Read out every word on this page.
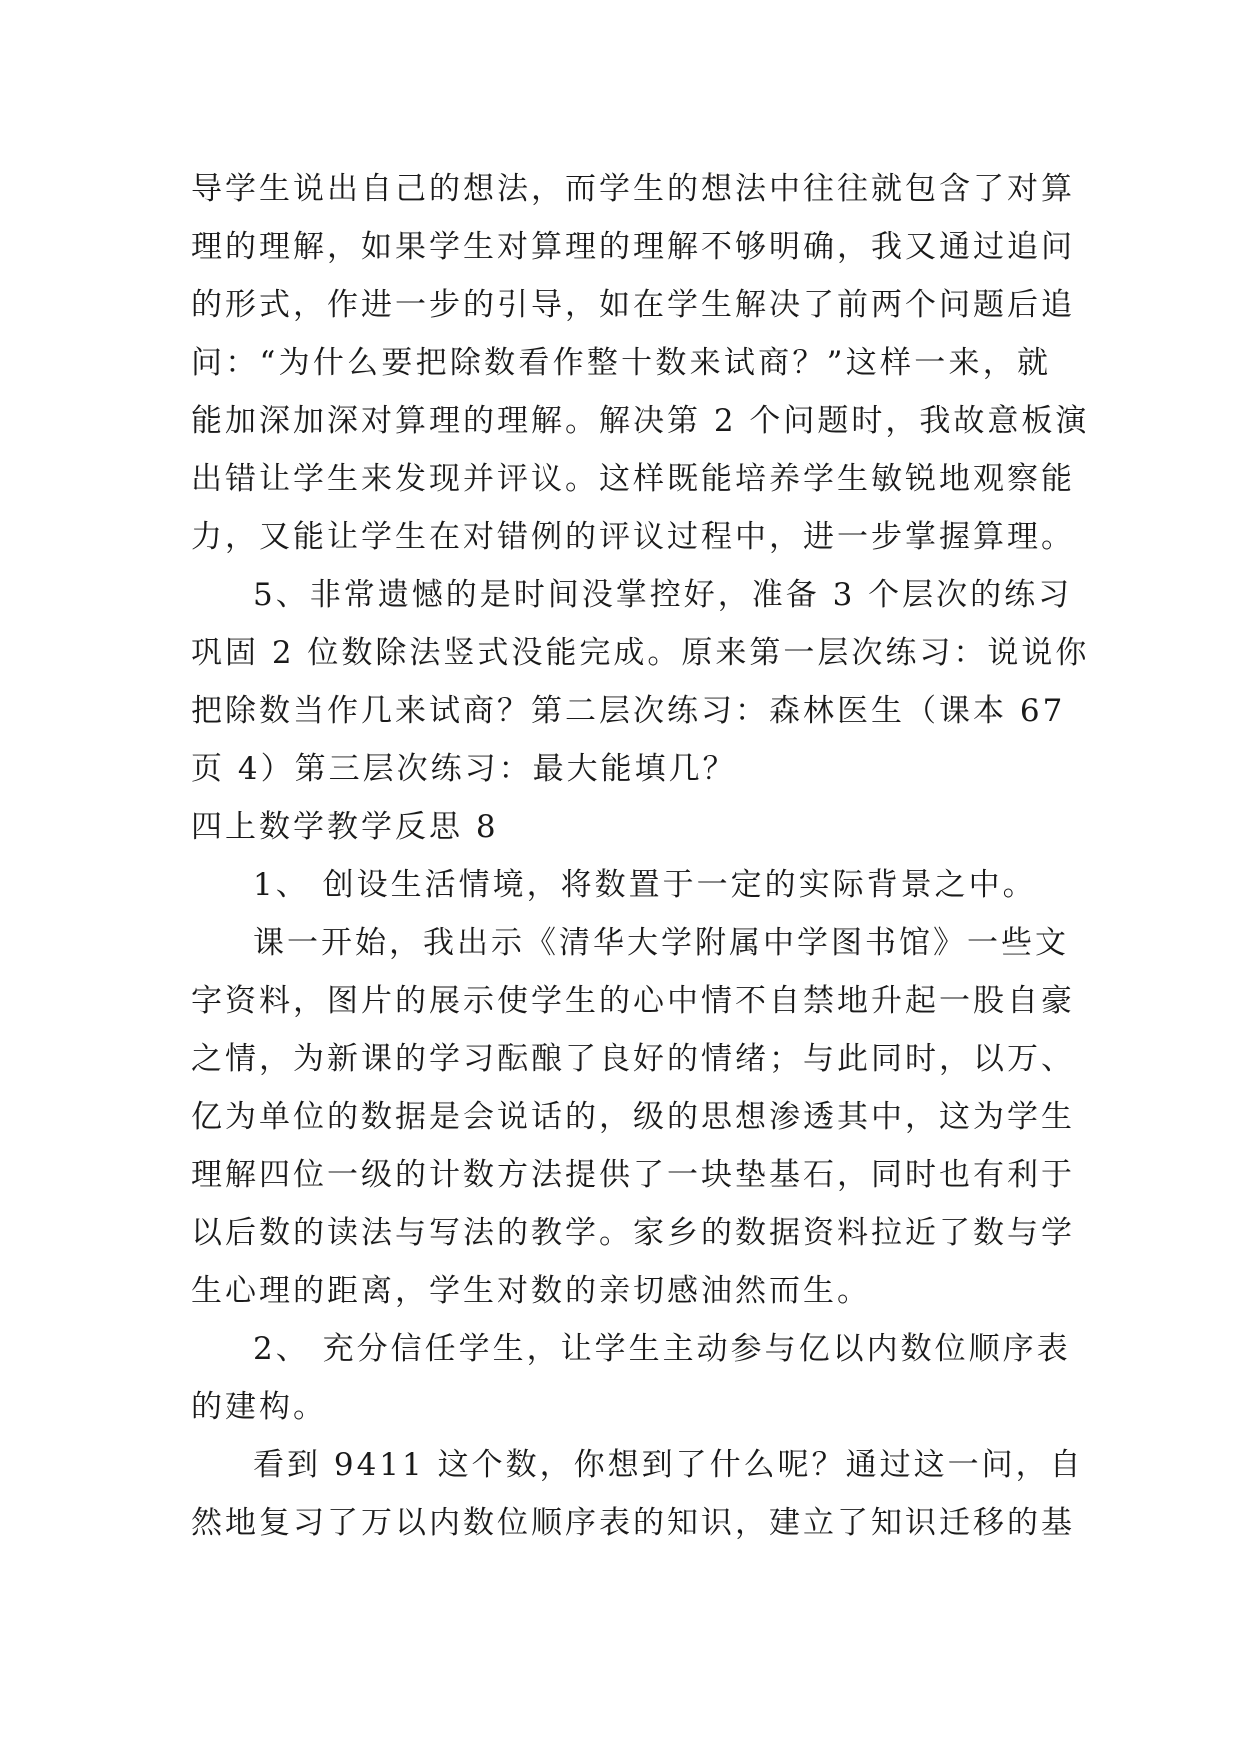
导学生说出自己的想法，而学生的想法中往往就包含了对算
理的理解，如果学生对算理的理解不够明确，我又通过追问
的形式，作进一步的引导，如在学生解决了前两个问题后追
问：“为什么要把除数看作整十数来试商？”这样一来，就
能加深加深对算理的理解。解决第 2 个问题时，我故意板演
出错让学生来发现并评议。这样既能培养学生敏锐地观察能
力，又能让学生在对错例的评议过程中，进一步掌握算理。
5、非常遗憾的是时间没掌控好，准备 3 个层次的练习
巩固 2 位数除法竖式没能完成。原来第一层次练习：说说你
把除数当作几来试商？第二层次练习：森林医生（课本 67
页 4）第三层次练习：最大能填几？
四上数学教学反思 8
1、 创设生活情境，将数置于一定的实际背景之中。
课一开始，我出示《清华大学附属中学图书馆》一些文
字资料，图片的展示使学生的心中情不自禁地升起一股自豪
之情，为新课的学习酝酿了良好的情绪；与此同时，以万、
亿为单位的数据是会说话的，级的思想渗透其中，这为学生
理解四位一级的计数方法提供了一块垫基石，同时也有利于
以后数的读法与写法的教学。家乡的数据资料拉近了数与学
生心理的距离，学生对数的亲切感油然而生。
2、 充分信任学生，让学生主动参与亿以内数位顺序表
的建构。
看到 9411 这个数，你想到了什么呢？通过这一问，自
然地复习了万以内数位顺序表的知识，建立了知识迁移的基
